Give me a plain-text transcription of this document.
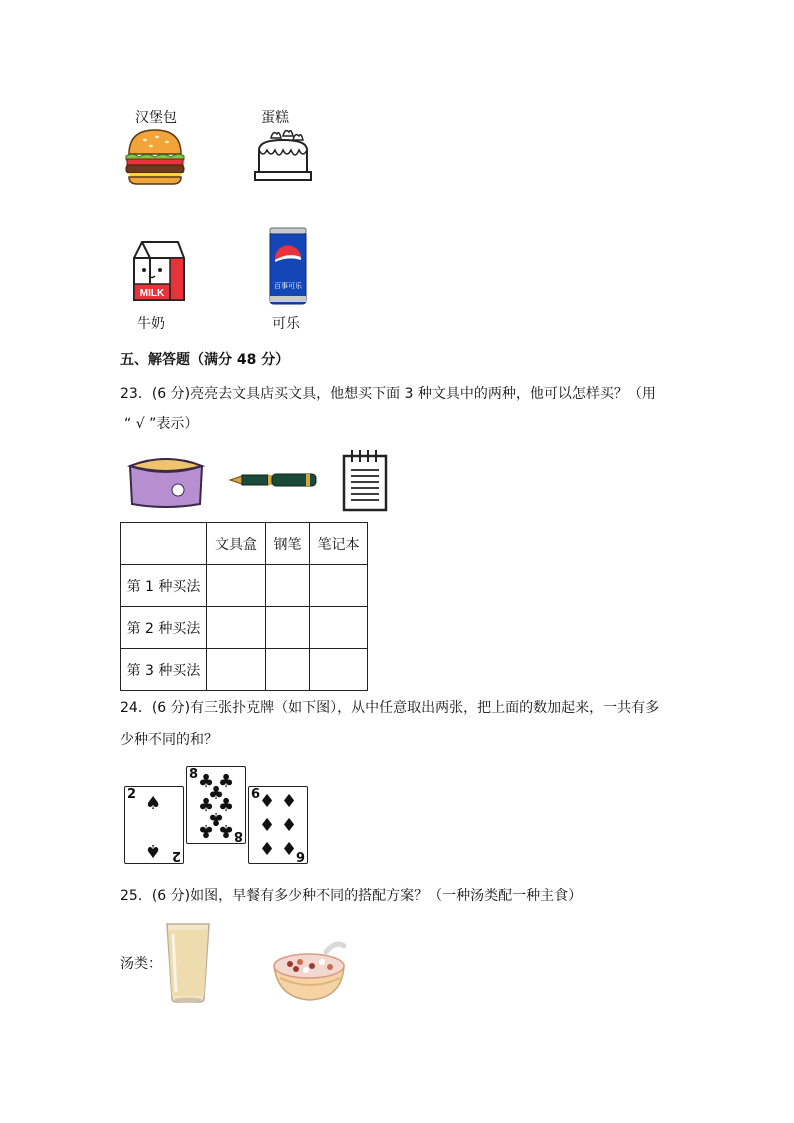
汉堡包	蛋糕
MILK
百事可乐
牛奶	可乐
五、解答题（满分 48 分）
23．(6 分)亮亮去文具店买文具，他想买下面 3 种文具中的两种，他可以怎样买？（用
“ √ ”表示）
	文具盒	钢笔	笔记本
第 1 种买法			
第 2 种买法			
第 3 种买法			
24．(6 分)有三张扑克牌（如下图），从中任意取出两张，把上面的数加起来，一共有多
少种不同的和？
2 ♠
♠ 2
8 ♣ ♣
♣
♣ ♣
♣
♣ ♣ 8
6
♦ ♦
♦ ♦
♦ ♦
6
25．(6 分)如图，早餐有多少种不同的搭配方案？（一种汤类配一种主食）
汤类：
